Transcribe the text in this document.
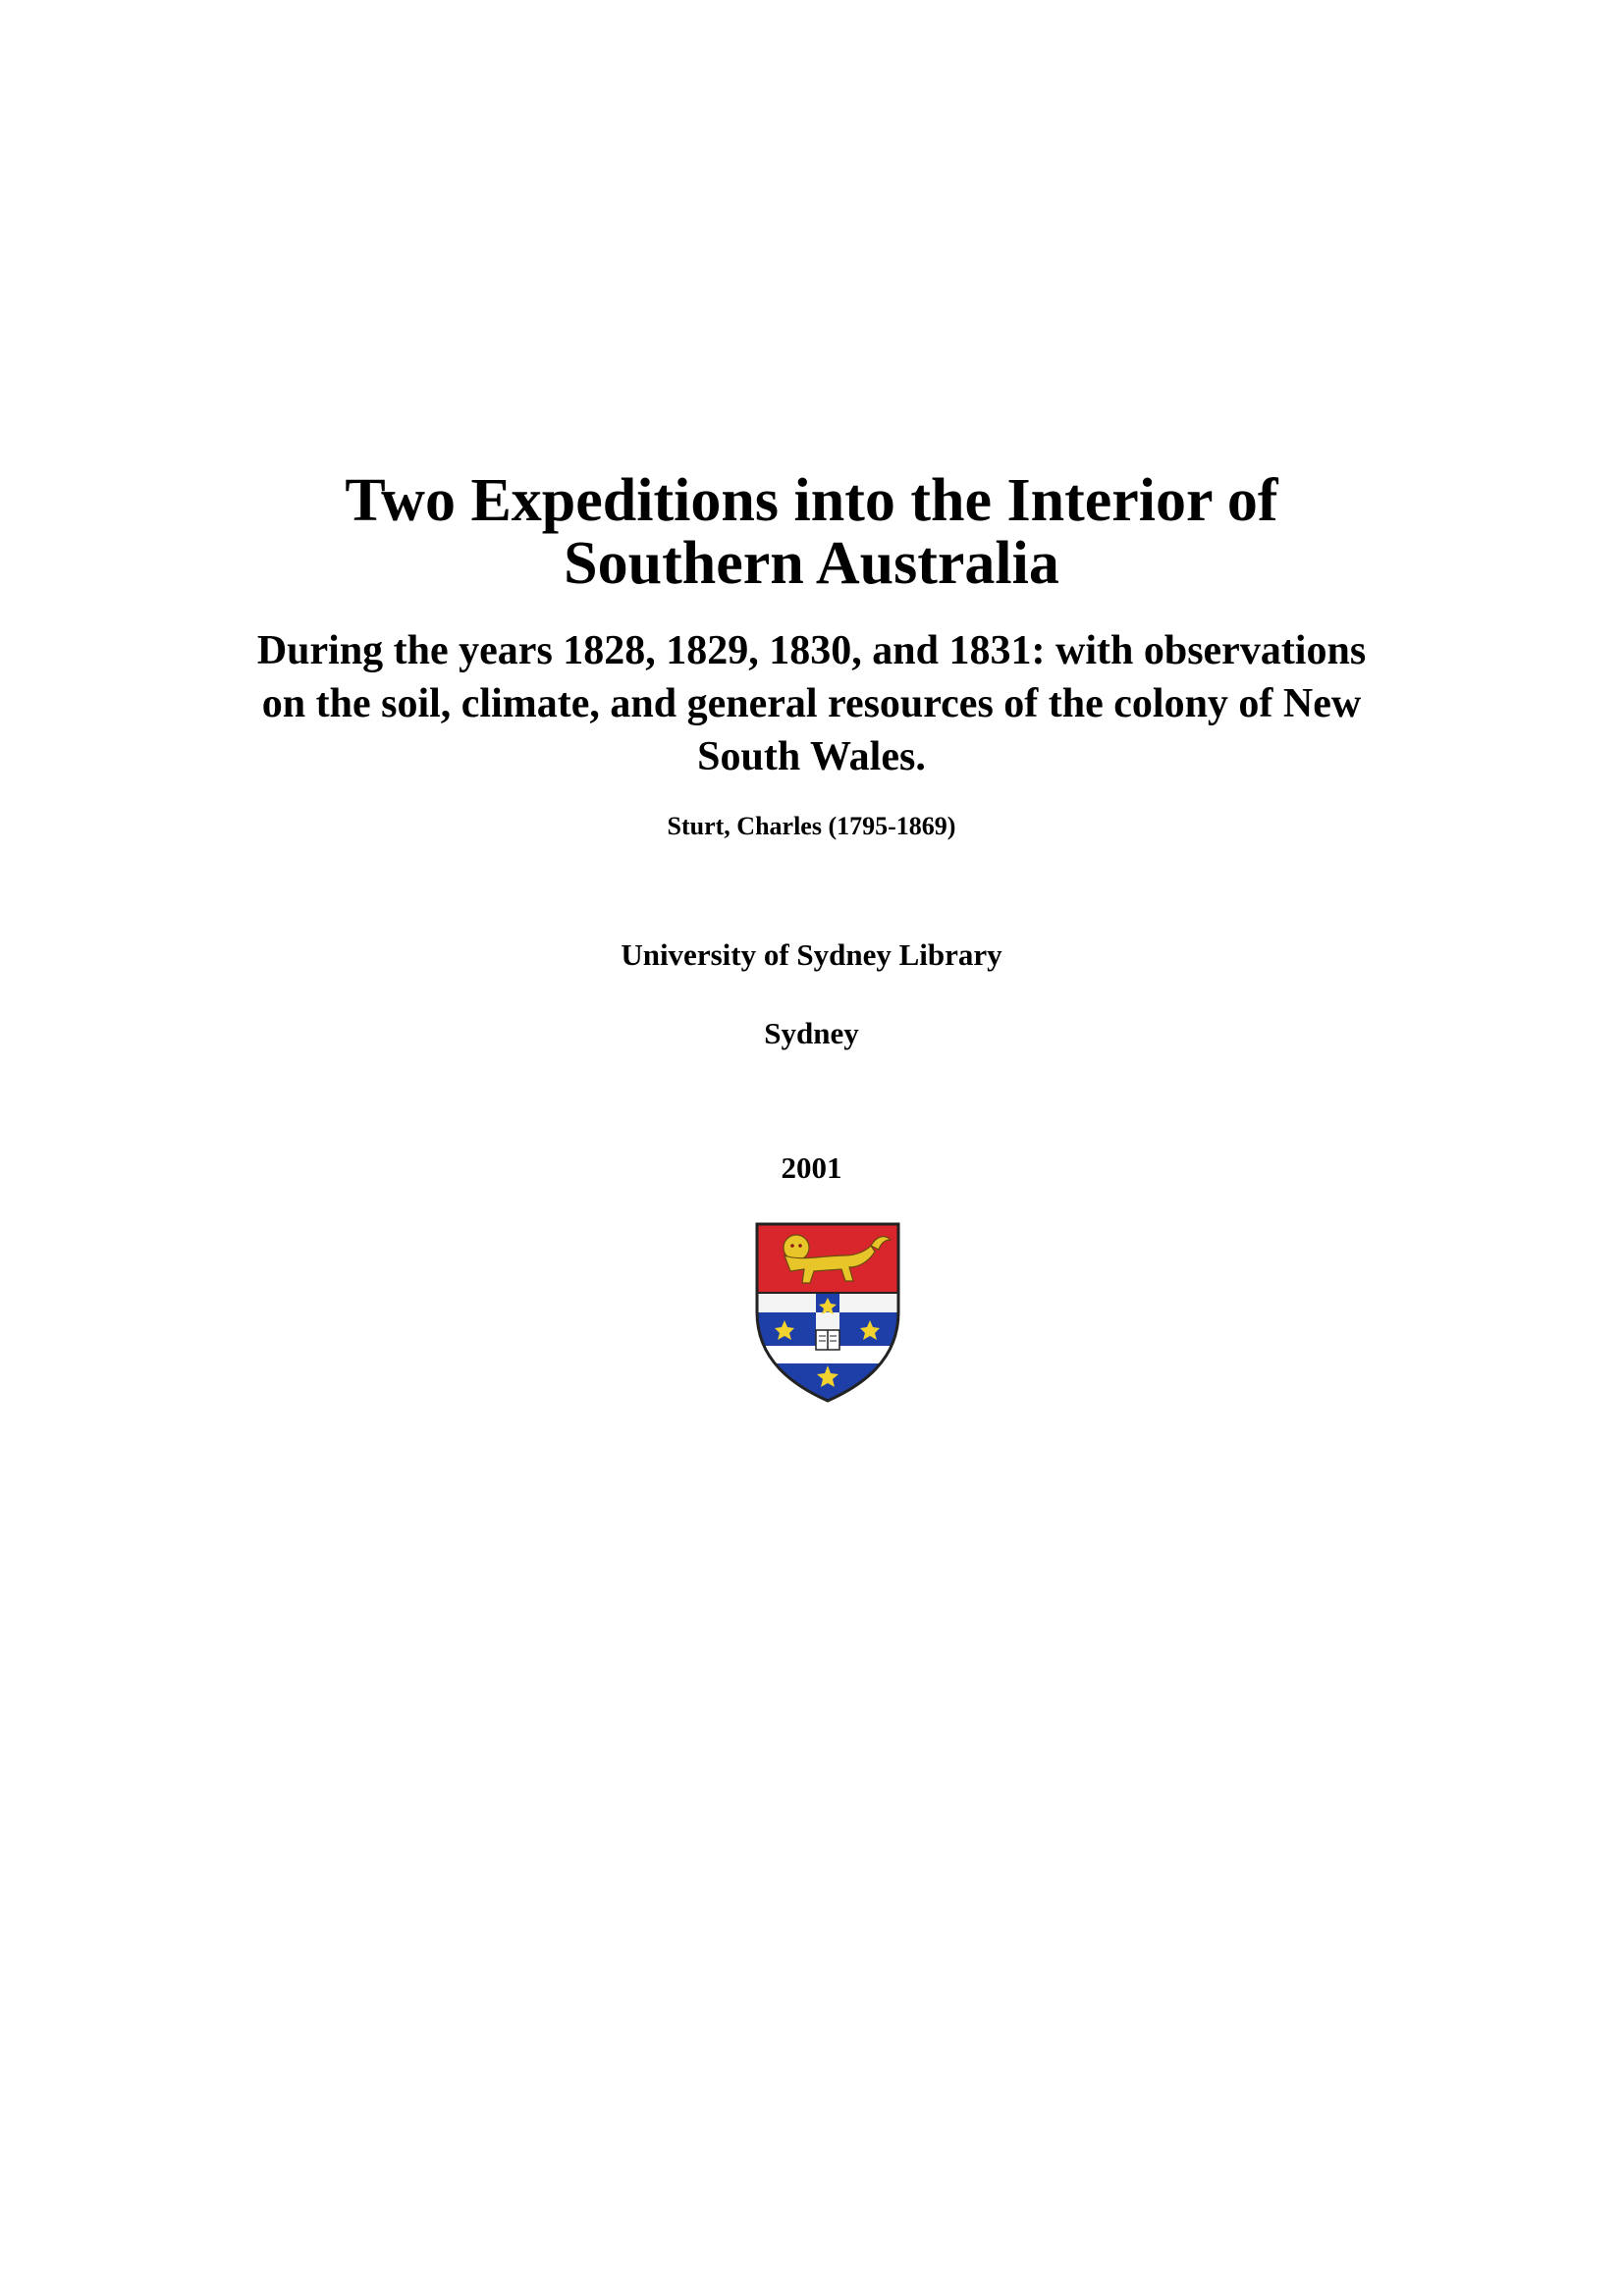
Two Expeditions into the Interior of Southern Australia
During the years 1828, 1829, 1830, and 1831: with observations on the soil, climate, and general resources of the colony of New South Wales.
Sturt, Charles (1795-1869)
University of Sydney Library
Sydney
2001
